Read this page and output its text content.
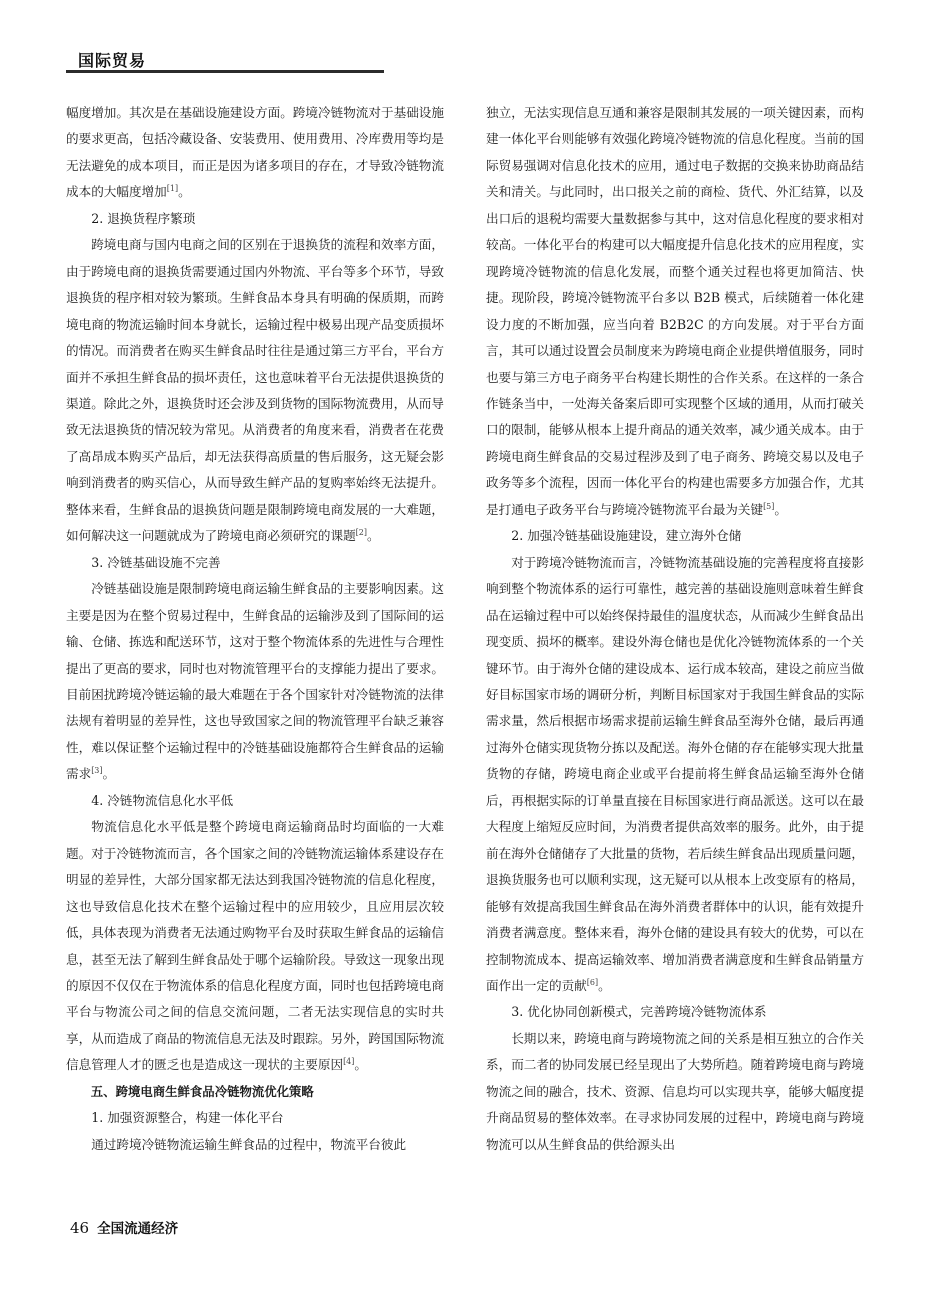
国际贸易

幅度增加。其次是在基础设施建设方面。跨境冷链物流对于基础设施的要求更高，包括冷藏设备、安装费用、使用费用、冷库费用等均是无法避免的成本项目，而正是因为诸多项目的存在，才导致冷链物流成本的大幅度增加[1]。

2. 退换货程序繁琐

跨境电商与国内电商之间的区别在于退换货的流程和效率方面，由于跨境电商的退换货需要通过国内外物流、平台等多个环节，导致退换货的程序相对较为繁琐。生鲜食品本身具有明确的保质期，而跨境电商的物流运输时间本身就长，运输过程中极易出现产品变质损坏的情况。而消费者在购买生鲜食品时往往是通过第三方平台，平台方面并不承担生鲜食品的损坏责任，这也意味着平台无法提供退换货的渠道。除此之外，退换货时还会涉及到货物的国际物流费用，从而导致无法退换货的情况较为常见。从消费者的角度来看，消费者在花费了高昂成本购买产品后，却无法获得高质量的售后服务，这无疑会影响到消费者的购买信心，从而导致生鲜产品的复购率始终无法提升。整体来看，生鲜食品的退换货问题是限制跨境电商发展的一大难题，如何解决这一问题就成为了跨境电商必须研究的课题[2]。

3. 冷链基础设施不完善

冷链基础设施是限制跨境电商运输生鲜食品的主要影响因素。这主要是因为在整个贸易过程中，生鲜食品的运输涉及到了国际间的运输、仓储、拣选和配送环节，这对于整个物流体系的先进性与合理性提出了更高的要求，同时也对物流管理平台的支撑能力提出了要求。目前困扰跨境冷链运输的最大难题在于各个国家针对冷链物流的法律法规有着明显的差异性，这也导致国家之间的物流管理平台缺乏兼容性，难以保证整个运输过程中的冷链基础设施都符合生鲜食品的运输需求[3]。

4. 冷链物流信息化水平低

物流信息化水平低是整个跨境电商运输商品时均面临的一大难题。对于冷链物流而言，各个国家之间的冷链物流运输体系建设存在明显的差异性，大部分国家都无法达到我国冷链物流的信息化程度，这也导致信息化技术在整个运输过程中的应用较少，且应用层次较低，具体表现为消费者无法通过购物平台及时获取生鲜食品的运输信息，甚至无法了解到生鲜食品处于哪个运输阶段。导致这一现象出现的原因不仅仅在于物流体系的信息化程度方面，同时也包括跨境电商平台与物流公司之间的信息交流问题，二者无法实现信息的实时共享，从而造成了商品的物流信息无法及时跟踪。另外，跨国国际物流信息管理人才的匮乏也是造成这一现状的主要原因[4]。

五、跨境电商生鲜食品冷链物流优化策略

1. 加强资源整合，构建一体化平台

通过跨境冷链物流运输生鲜食品的过程中，物流平台彼此

独立，无法实现信息互通和兼容是限制其发展的一项关键因素，而构建一体化平台则能够有效强化跨境冷链物流的信息化程度。当前的国际贸易强调对信息化技术的应用，通过电子数据的交换来协助商品结关和清关。与此同时，出口报关之前的商检、货代、外汇结算，以及出口后的退税均需要大量数据参与其中，这对信息化程度的要求相对较高。一体化平台的构建可以大幅度提升信息化技术的应用程度，实现跨境冷链物流的信息化发展，而整个通关过程也将更加简洁、快捷。现阶段，跨境冷链物流平台多以 B2B 模式，后续随着一体化建设力度的不断加强，应当向着 B2B2C 的方向发展。对于平台方面言，其可以通过设置会员制度来为跨境电商企业提供增值服务，同时也要与第三方电子商务平台构建长期性的合作关系。在这样的一条合作链条当中，一处海关备案后即可实现整个区域的通用，从而打破关口的限制，能够从根本上提升商品的通关效率，减少通关成本。由于跨境电商生鲜食品的交易过程涉及到了电子商务、跨境交易以及电子政务等多个流程，因而一体化平台的构建也需要多方加强合作，尤其是打通电子政务平台与跨境冷链物流平台最为关键[5]。

2. 加强冷链基础设施建设，建立海外仓储

对于跨境冷链物流而言，冷链物流基础设施的完善程度将直接影响到整个物流体系的运行可靠性，越完善的基础设施则意味着生鲜食品在运输过程中可以始终保持最佳的温度状态，从而减少生鲜食品出现变质、损坏的概率。建设外海仓储也是优化冷链物流体系的一个关键环节。由于海外仓储的建设成本、运行成本较高，建设之前应当做好目标国家市场的调研分析，判断目标国家对于我国生鲜食品的实际需求量，然后根据市场需求提前运输生鲜食品至海外仓储，最后再通过海外仓储实现货物分拣以及配送。海外仓储的存在能够实现大批量货物的存储，跨境电商企业或平台提前将生鲜食品运输至海外仓储后，再根据实际的订单量直接在目标国家进行商品派送。这可以在最大程度上缩短反应时间，为消费者提供高效率的服务。此外，由于提前在海外仓储储存了大批量的货物，若后续生鲜食品出现质量问题，退换货服务也可以顺利实现，这无疑可以从根本上改变原有的格局，能够有效提高我国生鲜食品在海外消费者群体中的认识，能有效提升消费者满意度。整体来看，海外仓储的建设具有较大的优势，可以在控制物流成本、提高运输效率、增加消费者满意度和生鲜食品销量方面作出一定的贡献[6]。

3. 优化协同创新模式，完善跨境冷链物流体系

长期以来，跨境电商与跨境物流之间的关系是相互独立的合作关系，而二者的协同发展已经呈现出了大势所趋。随着跨境电商与跨境物流之间的融合，技术、资源、信息均可以实现共享，能够大幅度提升商品贸易的整体效率。在寻求协同发展的过程中，跨境电商与跨境物流可以从生鲜食品的供给源头出

46 全国流通经济
